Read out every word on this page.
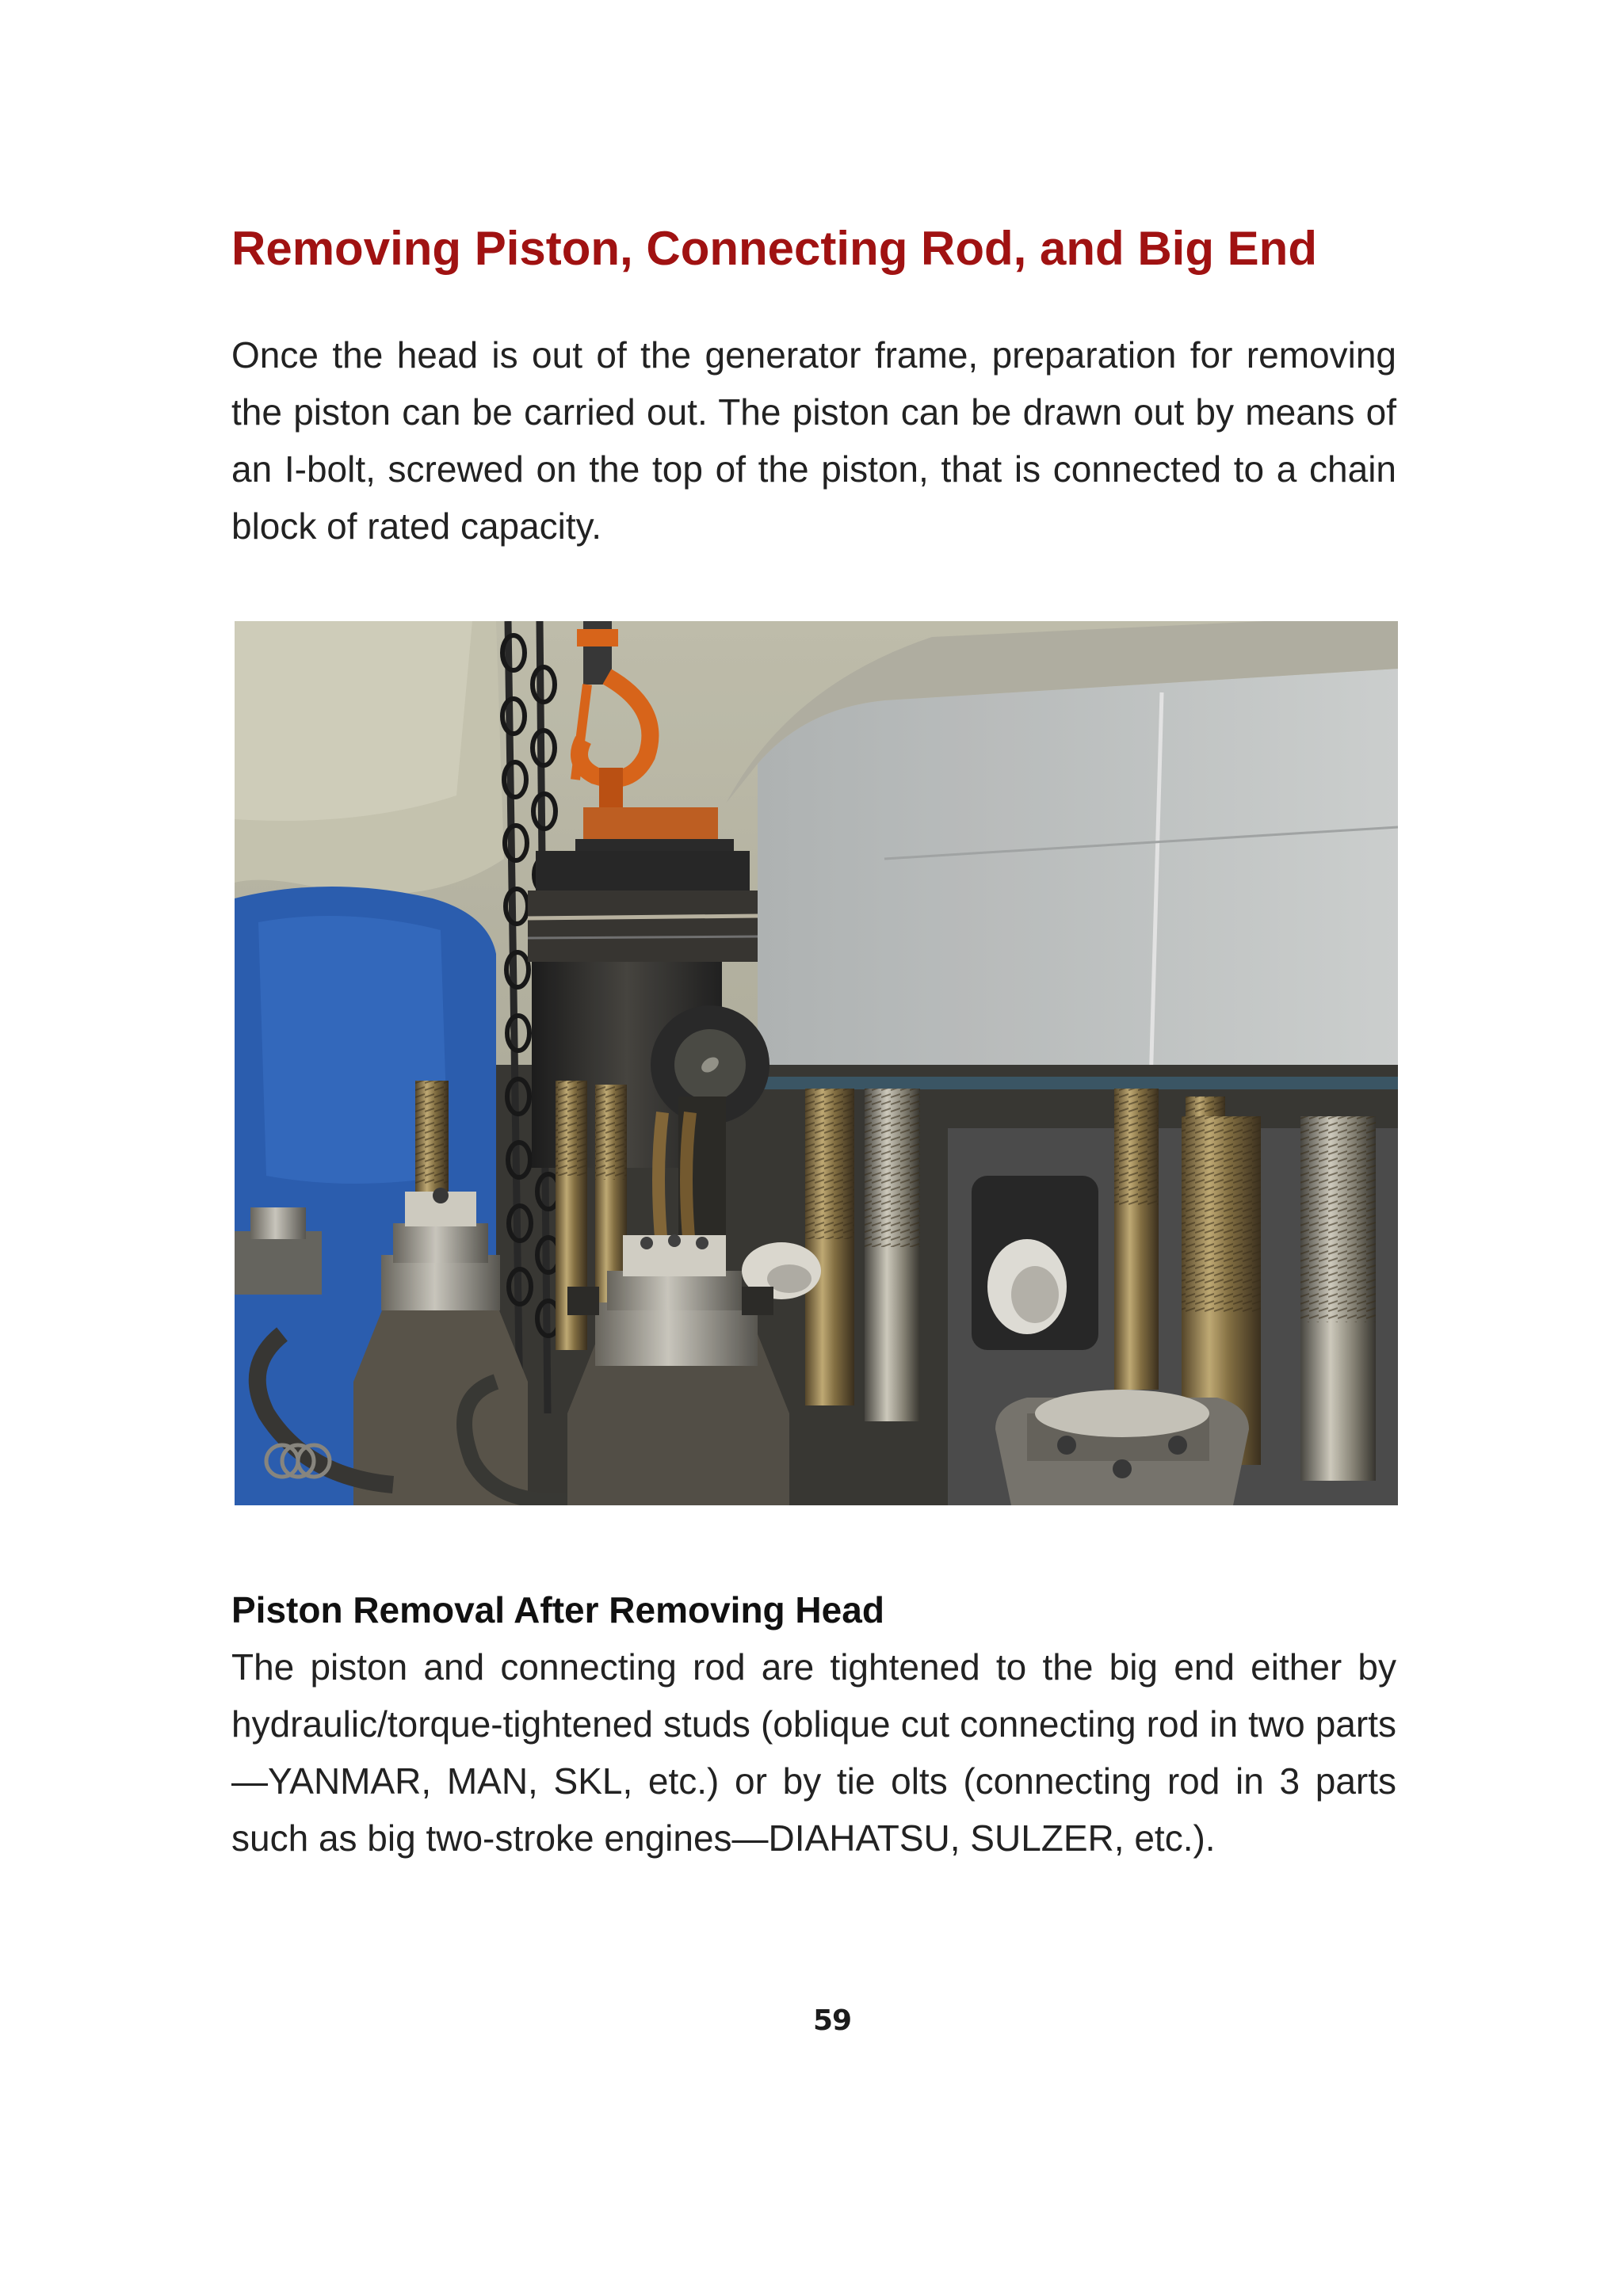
Removing Piston, Connecting Rod, and Big End

Once the head is out of the generator frame, preparation for removing the piston can be carried out. The piston can be drawn out by means of an I-bolt, screwed on the top of the piston, that is connected to a chain block of rated capacity.

Piston Removal After Removing Head

The piston and connecting rod are tightened to the big end either by hydraulic/torque-tightened studs (oblique cut connecting rod in two parts—YANMAR, MAN, SKL, etc.) or by tie olts (connecting rod in 3 parts such as big two-stroke engines—DIAHATSU, SULZER, etc.).

59
